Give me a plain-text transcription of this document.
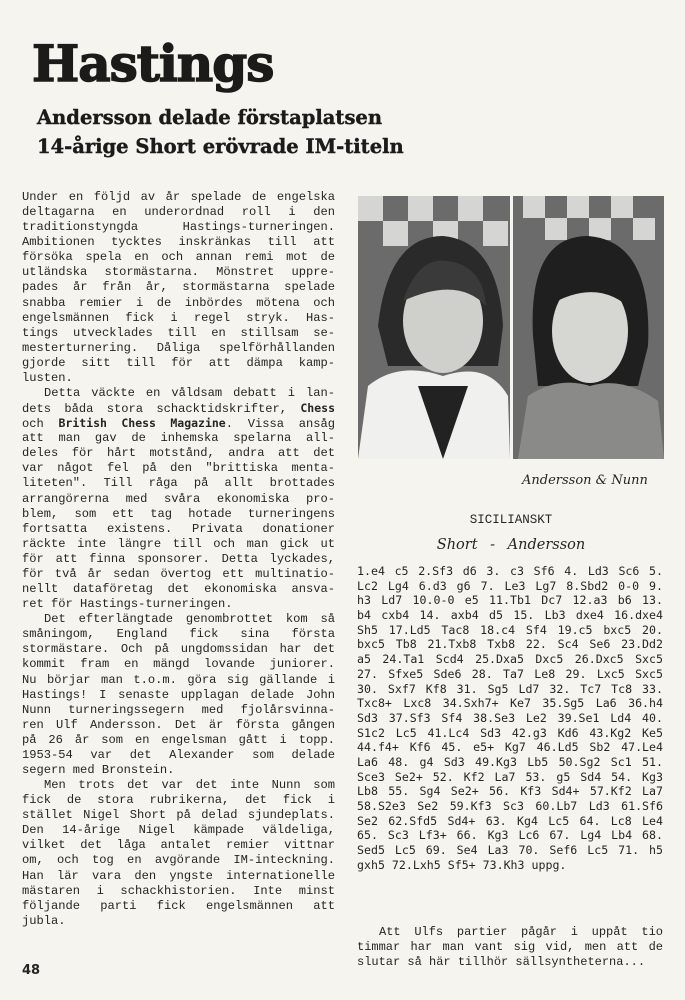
Hastings
Andersson delade förstaplatsen
14-årige Short erövrade IM-titeln
Under en följd av år spelade de engelska
deltagarna en underordnad roll i den
traditionstyngda Hastings-turneringen.
Ambitionen tycktes inskränkas till att
försöka spela en och annan remi mot de
utländska stormästarna. Mönstret uppre-
pades år från år, stormästarna spelade
snabba remier i de inbördes mötena och
engelsmännen fick i regel stryk. Has-
tings utvecklades till en stillsam se-
mesterturnering. Dåliga spelförhållanden
gjorde sitt till för att dämpa kamp-
lusten.
Detta väckte en våldsam debatt i lan-
dets båda stora schacktidskrifter, Chess
och British Chess Magazine. Vissa ansåg
att man gav de inhemska spelarna all-
deles för hårt motstånd, andra att det
var något fel på den "brittiska menta-
liteten". Till råga på allt brottades
arrangörerna med svåra ekonomiska pro-
blem, som ett tag hotade turneringens
fortsatta existens. Privata donationer
räckte inte längre till och man gick ut
för att finna sponsorer. Detta lyckades,
för två år sedan övertog ett multinatio-
nellt dataföretag det ekonomiska ansva-
ret för Hastings-turneringen.
Det efterlängtade genombrottet kom så
småningom, England fick sina första
stormästare. Och på ungdomssidan har det
kommit fram en mängd lovande juniorer.
Nu börjar man t.o.m. göra sig gällande i
Hastings! I senaste upplagan delade John
Nunn turneringssegern med fjolårsvinna-
ren Ulf Andersson. Det är första gången
på 26 år som en engelsman gått i topp.
1953-54 var det Alexander som delade
segern med Bronstein.
Men trots det var det inte Nunn som
fick de stora rubrikerna, det fick i
stället Nigel Short på delad sjundeplats.
Den 14-årige Nigel kämpade väldeliga,
vilket det låga antalet remier vittnar
om, och tog en avgörande IM-inteckning.
Han lär vara den yngste internationelle
mästaren i schackhistorien. Inte minst
följande parti fick engelsmännen att
jubla.
Andersson & Nunn
SICILIANSKT
Short - Andersson
1.e4 c5 2.Sf3 d6 3. c3 Sf6 4. Ld3 Sc6 5.
Lc2 Lg4 6.d3 g6 7. Le3 Lg7 8.Sbd2 0-0 9.
h3 Ld7 10.0-0 e5 11.Tb1 Dc7 12.a3 b6 13.
b4 cxb4 14. axb4 d5 15. Lb3 dxe4 16.dxe4
Sh5 17.Ld5 Tac8 18.c4 Sf4 19.c5 bxc5 20.
bxc5 Tb8 21.Txb8 Txb8 22. Sc4 Se6 23.Dd2
a5 24.Ta1 Scd4 25.Dxa5 Dxc5 26.Dxc5 Sxc5
27. Sfxe5 Sde6 28. Ta7 Le8 29. Lxc5 Sxc5
30. Sxf7 Kf8 31. Sg5 Ld7 32. Tc7 Tc8 33.
Txc8+ Lxc8 34.Sxh7+ Ke7 35.Sg5 La6 36.h4
Sd3 37.Sf3 Sf4 38.Se3 Le2 39.Se1 Ld4 40.
S1c2 Lc5 41.Lc4 Sd3 42.g3 Kd6 43.Kg2 Ke5
44.f4+ Kf6 45. e5+ Kg7 46.Ld5 Sb2 47.Le4
La6 48. g4 Sd3 49.Kg3 Lb5 50.Sg2 Sc1 51.
Sce3 Se2+ 52. Kf2 La7 53. g5 Sd4 54. Kg3
Lb8 55. Sg4 Se2+ 56. Kf3 Sd4+ 57.Kf2 La7
58.S2e3 Se2 59.Kf3 Sc3 60.Lb7 Ld3 61.Sf6
Se2 62.Sfd5 Sd4+ 63. Kg4 Lc5 64. Lc8 Le4
65. Sc3 Lf3+ 66. Kg3 Lc6 67. Lg4 Lb4 68.
Sed5 Lc5 69. Se4 La3 70. Sef6 Lc5 71. h5
gxh5 72.Lxh5 Sf5+ 73.Kh3 uppg.
Att Ulfs partier pågår i uppåt tio
timmar har man vant sig vid, men att de
slutar så här tillhör sällsyntheterna...
48
